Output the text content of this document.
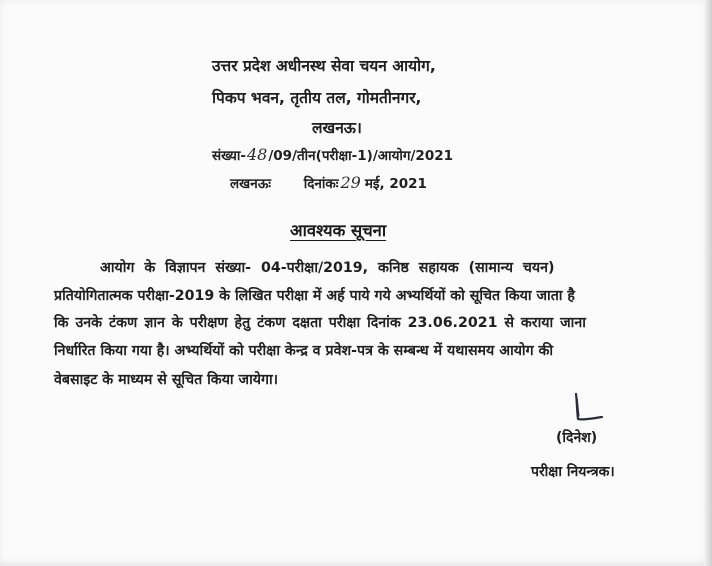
उत्तर प्रदेश अधीनस्थ सेवा चयन आयोग,
पिकप भवन, तृतीय तल, गोमतीनगर,
लखनऊ।
संख्या-48/09/तीन(परीक्षा-1)/आयोग/2021
लखनऊः दिनांकः 29 मई, 2021
आवश्यक सूचना
आयोग के विज्ञापन संख्या- 04-परीक्षा/2019, कनिष्ठ सहायक (सामान्य चयन)
प्रतियोगितात्मक परीक्षा-2019 के लिखित परीक्षा में अर्ह पाये गये अभ्यर्थियों को सूचित किया जाता है
कि उनके टंकण ज्ञान के परीक्षण हेतु टंकण दक्षता परीक्षा दिनांक 23.06.2021 से कराया जाना
निर्धारित किया गया है। अभ्यर्थियों को परीक्षा केन्द्र व प्रवेश-पत्र के सम्बन्ध में यथासमय आयोग की
वेबसाइट के माध्यम से सूचित किया जायेगा।
(दिनेश)
परीक्षा नियन्त्रक।
